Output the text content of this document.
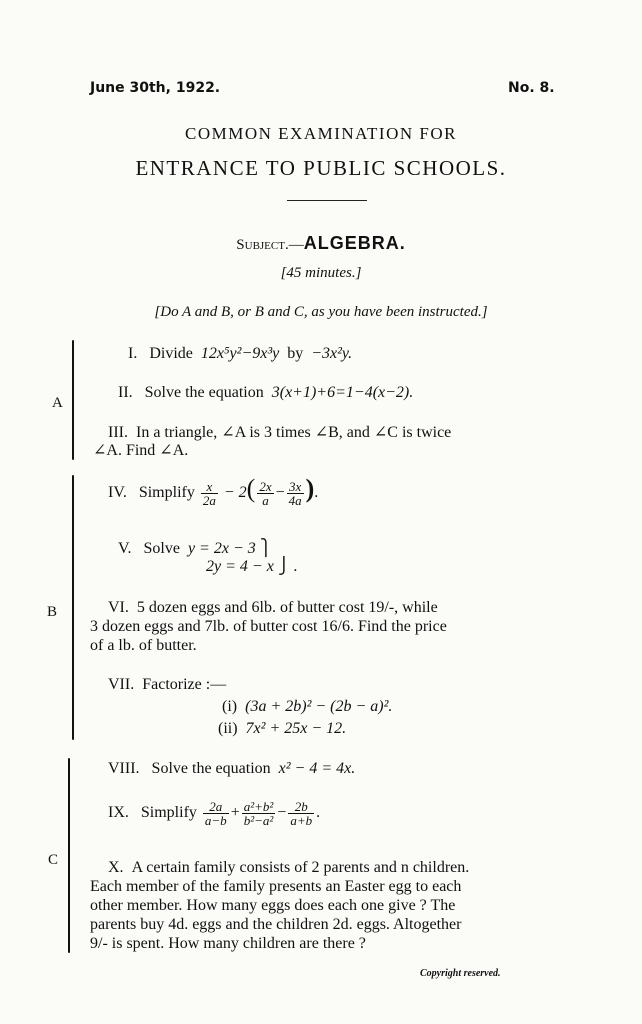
June 30th, 1922.	No. 8.
COMMON EXAMINATION FOR
ENTRANCE TO PUBLIC SCHOOLS.
Subject.—ALGEBRA.
[45 minutes.]
[Do A and B, or B and C, as you have been instructed.]
A
I. Divide 12x⁵y²−9x³y by −3x²y.
II. Solve the equation 3(x+1)+6=1−4(x−2).
III. In a triangle, ∠A is 3 times ∠B, and ∠C is twice
∠A. Find ∠A.
B
IV. Simplify $\frac{x}{2a} - 2( \frac{2x}{a} - \frac{3x}{4a}$ ).
V. Solve y = 2x − 3 ⎫
2y = 4 − x ⎭ .
VI. 5 dozen eggs and 6lb. of butter cost 19/-, while
3 dozen eggs and 7lb. of butter cost 16/6. Find the price
of a lb. of butter.
VII. Factorize :—
(i) (3a + 2b)² − (2b − a)².
(ii) 7x² + 25x − 12.
C
VIII. Solve the equation x² − 4 = 4x.
IX. Simplify $\frac{2a}{a-b} + \frac{\text{a²+b²}}{\text{b²−a²}} - \frac{2b}{a+b}$ .
X. A certain family consists of 2 parents and n children.
Each member of the family presents an Easter egg to each
other member. How many eggs does each one give ? The
parents buy 4d. eggs and the children 2d. eggs. Altogether
9/- is spent. How many children are there ?
Copyright reserved.
